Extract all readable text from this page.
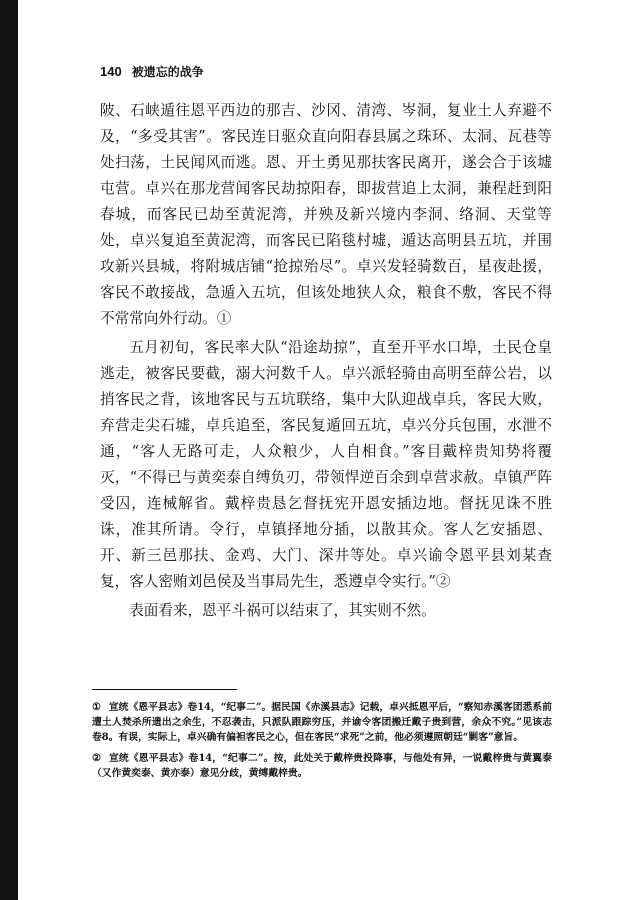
140 被遗忘的战争

陂、石峡遁往恩平西边的那吉、沙冈、清湾、岑洞，复业土人弃避不及，“多受其害”。客民连日驱众直向阳春县属之珠环、太洞、瓦巷等处扫荡，土民闻风而逃。恩、开土勇见那扶客民离开，遂会合于该墟屯营。卓兴在那龙营闻客民劫掠阳春，即拔营追上太洞，兼程赶到阳春城，而客民已劫至黄泥湾，并殃及新兴境内李洞、络洞、天堂等处，卓兴复追至黄泥湾，而客民已陷毯村墟，遁达高明县五坑，并围攻新兴县城，将附城店铺“抢掠殆尽”。卓兴发轻骑数百，星夜赴援，客民不敢接战，急遁入五坑，但该处地狭人众，粮食不敷，客民不得不常常向外行动。①

五月初旬，客民率大队“沿途劫掠”，直至开平水口埠，土民仓皇逃走，被客民要截，溺大河数千人。卓兴派轻骑由高明至薛公岩，以捎客民之背，该地客民与五坑联络，集中大队迎战卓兵，客民大败，弃营走尖石墟，卓兵追至，客民复遁回五坑，卓兴分兵包围，水泄不通，“客人无路可走，人众粮少，人自相食。”客目戴梓贵知势将覆灭，“不得已与黄奕泰自缚负刃，带领悍逆百余到卓营求赦。卓镇严阵受囚，连械解省。戴梓贵恳乞督抚宪开恩安插边地。督抚见诛不胜诛，准其所请。令行，卓镇择地分插，以散其众。客人乞安插恩、开、新三邑那扶、金鸡、大门、深井等处。卓兴谕令恩平县刘某查复，客人密贿刘邑侯及当事局先生，悉遵卓令实行。”②

表面看来，恩平斗祸可以结束了，其实则不然。

① 宣统《恩平县志》卷14，“纪事二”。据民国《赤溪县志》记载，卓兴抵恩平后，“察知赤溪客团悉系前遭土人焚杀所遗出之余生，不忍袭击，只派队跟踪穷压，并谕令客团搬迁戴子贵到营，余众不究。”见该志卷8。有误，实际上，卓兴确有偏袒客民之心，但在客民“求死”之前，他必须遵照朝廷“剿客”意旨。

② 宣统《恩平县志》卷14，“纪事二”。按，此处关于戴梓贵投降事，与他处有异，一说戴梓贵与黄翼泰（又作黄奕泰、黄亦泰）意见分歧，黄缚戴梓贵。
